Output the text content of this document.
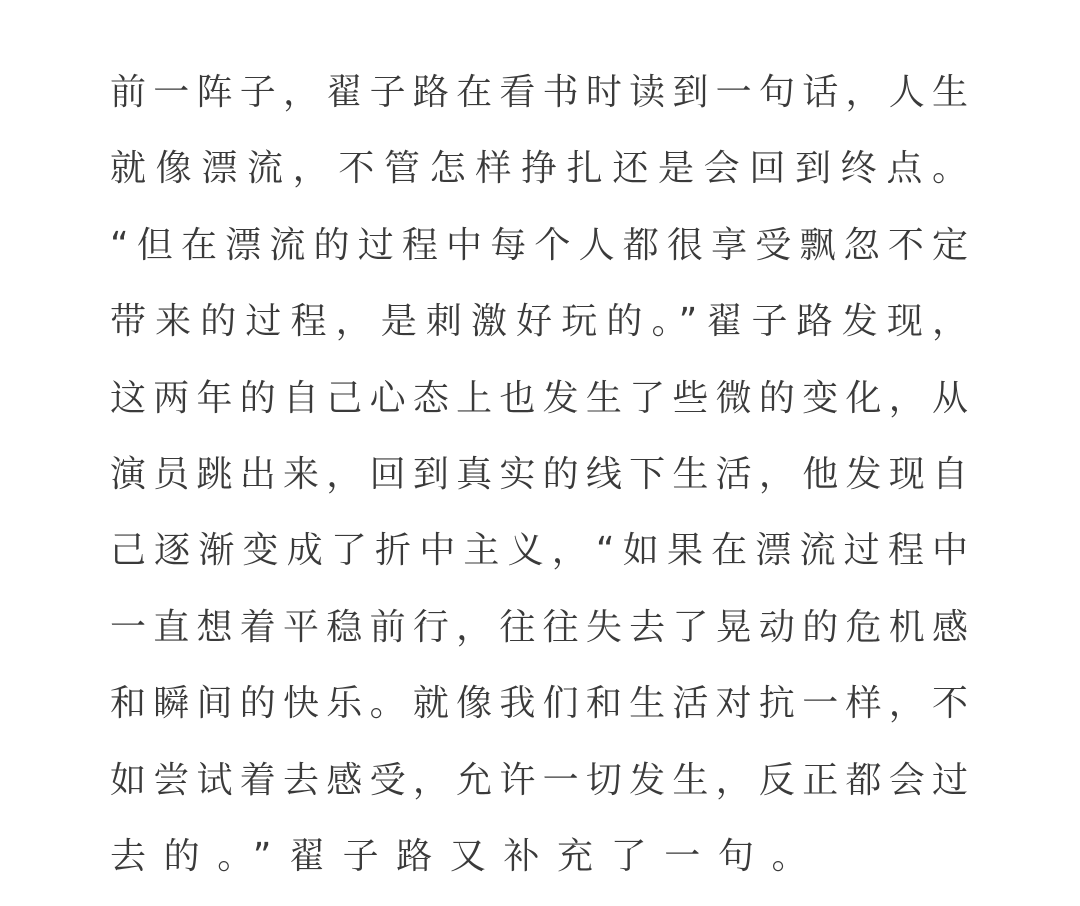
前一阵子，翟子路在看书时读到一句话，人生
就像漂流，不管怎样挣扎还是会回到终点。
“但在漂流的过程中每个人都很享受飘忽不定
带来的过程，是刺激好玩的。”翟子路发现，
这两年的自己心态上也发生了些微的变化，从
演员跳出来，回到真实的线下生活，他发现自
己逐渐变成了折中主义，“如果在漂流过程中
一直想着平稳前行，往往失去了晃动的危机感
和瞬间的快乐。就像我们和生活对抗一样，不
如尝试着去感受，允许一切发生，反正都会过
去的。”翟子路又补充了一句。
